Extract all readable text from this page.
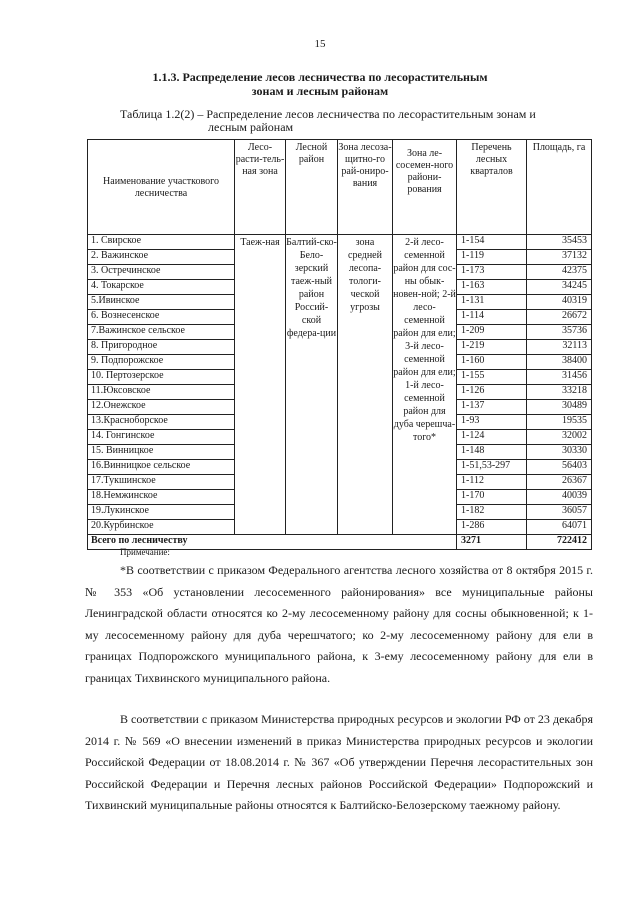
15
1.1.3. Распределение лесов лесничества по лесорастительным
зонам и лесным районам
Таблица 1.2(2) – Распределение лесов лесничества по лесорастительным зонам и
лесным районам
Наименование участкового лесничества	Лесо-расти-тель-ная зона	Лесной район	Зона лесоза-щитно-го рай-ониро-вания	Зона ле-сосемен-ного райони-рования	Перечень лесных кварталов	Площадь, га
1. Свирское	Таеж-ная	Балтий-ско-Бело-зерский таеж-ный район Россий-ской федера-ции	зона средней лесопа-тологи-ческой угрозы	2-й лесо-семенной район для сос-ны обык-новен-ной; 2-й лесо-семенной район для ели; 3-й лесо-семенной район для ели; 1-й лесо-семенной район для дуба черешча-того*	1-154	35453
2. Важинское					1-119	37132
3. Остречинское					1-173	42375
4. Токарское					1-163	34245
5.Ивинское					1-131	40319
6. Вознесенское					1-114	26672
7.Важинское сельское					1-209	35736
8. Пригородное					1-219	32113
9. Подпорожское					1-160	38400
10. Пертозерское					1-155	31456
11.Юксовское					1-126	33218
12.Онежское					1-137	30489
13.Красноборское					1-93	19535
14. Гонгинское					1-124	32002
15. Винницкое					1-148	30330
16.Винницкое сельское					1-51,53-297	56403
17.Тукшинское					1-112	26367
18.Немжинское					1-170	40039
19.Лукинское					1-182	36057
20.Курбинское					1-286	64071
Всего по лесничеству					3271	722412
Примечание:
*В соответствии с приказом Федерального агентства лесного хозяйства от 8 октября 2015 г. № 353 «Об установлении лесосеменного районирования» все муниципальные районы Ленинградской области относятся ко 2-му лесосеменному району для сосны обыкновенной; к 1-му лесосеменному району для дуба черешчатого; ко 2-му лесосеменному району для ели в границах Подпорожского муниципального района, к 3-ему лесосеменному району для ели в границах Тихвинского муниципального района.
В соответствии с приказом Министерства природных ресурсов и экологии РФ от 23 декабря 2014 г. № 569 «О внесении изменений в приказ Министерства природных ресурсов и экологии Российской Федерации от 18.08.2014 г. № 367 «Об утверждении Перечня лесорастительных зон Российской Федерации и Перечня лесных районов Российской Федерации» Подпорожский и Тихвинский муниципальные районы относятся к Балтийско-Белозерскому таежному району.
